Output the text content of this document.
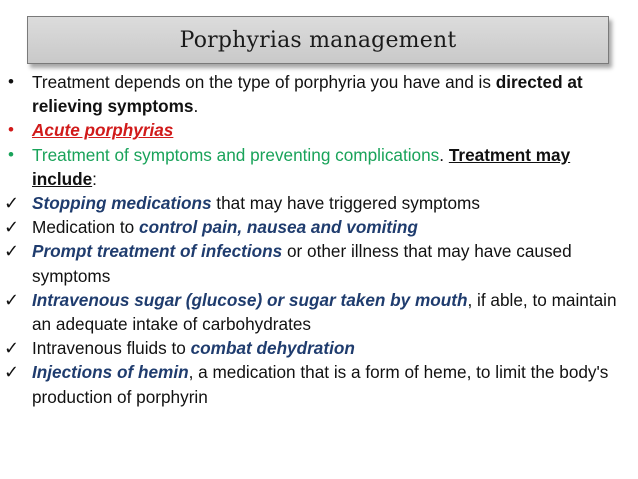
Porphyrias management
• Treatment depends on the type of porphyria you have and is directed at relieving symptoms.
• Acute porphyrias
• Treatment of symptoms and preventing complications. Treatment may include:
✓ Stopping medications that may have triggered symptoms
✓ Medication to control pain, nausea and vomiting
✓ Prompt treatment of infections or other illness that may have caused symptoms
✓ Intravenous sugar (glucose) or sugar taken by mouth, if able, to maintain an adequate intake of carbohydrates
✓ Intravenous fluids to combat dehydration
✓ Injections of hemin, a medication that is a form of heme, to limit the body's production of porphyrin
